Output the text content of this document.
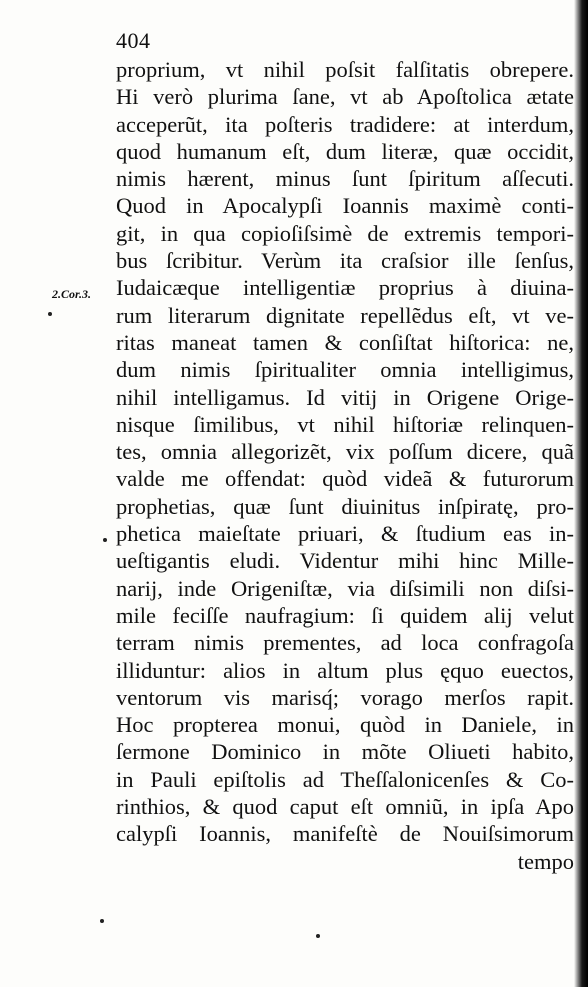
404
2.Cor.3.
proprium, vt nihil poſsit falſitatis obrepere.
Hi verò plurima ſane, vt ab Apoſtolica ætate
acceperũt, ita poſteris tradidere: at interdum,
quod humanum eſt, dum literæ, quæ occidit,
nimis hærent, minus ſunt ſpiritum aſſecuti.
Quod in Apocalypſi Ioannis maximè conti-
git, in qua copioſiſsimè de extremis tempori-
bus ſcribitur. Verùm ita craſsior ille ſenſus,
Iudaicæque intelligentiæ proprius à diuina-
rum literarum dignitate repellẽdus eſt, vt ve-
ritas maneat tamen & conſiſtat hiſtorica: ne,
dum nimis ſpiritualiter omnia intelligimus,
nihil intelligamus. Id vitij in Origene Orige-
nisque ſimilibus, vt nihil hiſtoriæ relinquen-
tes, omnia allegorizẽt, vix poſſum dicere, quã
valde me offendat: quòd videã & futurorum
prophetias, quæ ſunt diuinitus inſpiratę, pro-
phetica maieſtate priuari, & ſtudium eas in-
ueſtigantis eludi. Videntur mihi hinc Mille-
narij, inde Origeniſtæ, via diſsimili non diſsi-
mile feciſſe naufragium: ſi quidem alij velut
terram nimis prementes, ad loca confragoſa
illiduntur: alios in altum plus ęquo euectos,
ventorum vis marisq́; vorago merſos rapit.
Hoc propterea monui, quòd in Daniele, in
ſermone Dominico in mõte Oliueti habito,
in Pauli epiſtolis ad Theſſalonicenſes & Co-
rinthios, & quod caput eſt omniũ, in ipſa Apo
calypſi Ioannis, manifeſtè de Nouiſsimorum
tempo
